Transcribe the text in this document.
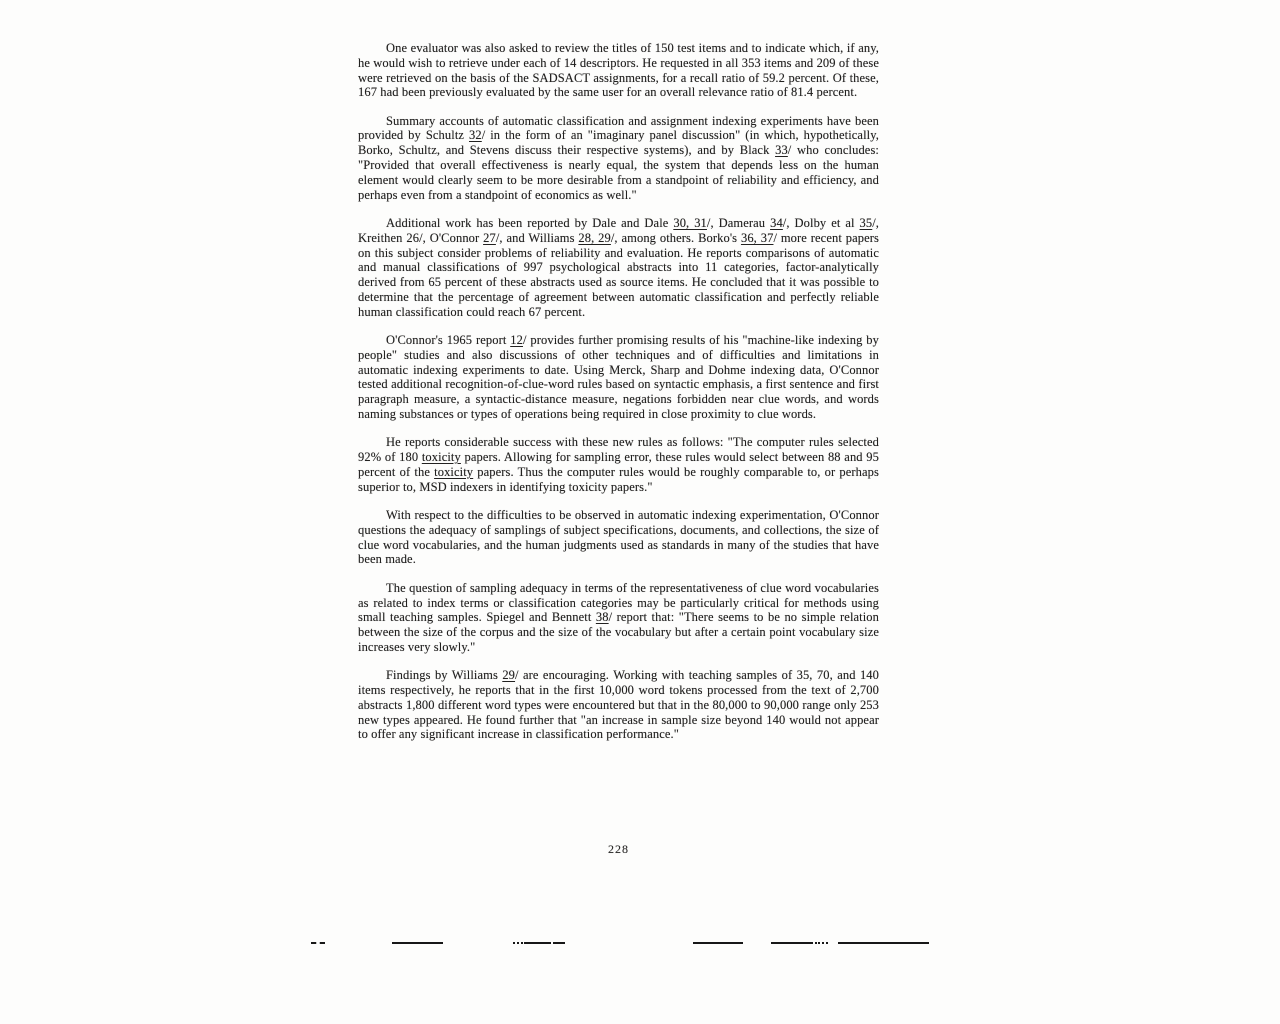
One evaluator was also asked to review the titles of 150 test items and to indicate which, if any, he would wish to retrieve under each of 14 descriptors. He requested in all 353 items and 209 of these were retrieved on the basis of the SADSACT assignments, for a recall ratio of 59.2 percent. Of these, 167 had been previously evaluated by the same user for an overall relevance ratio of 81.4 percent.

Summary accounts of automatic classification and assignment indexing experiments have been provided by Schultz 32/ in the form of an "imaginary panel discussion" (in which, hypothetically, Borko, Schultz, and Stevens discuss their respective systems), and by Black 33/ who concludes: "Provided that overall effectiveness is nearly equal, the system that depends less on the human element would clearly seem to be more desirable from a standpoint of reliability and efficiency, and perhaps even from a standpoint of economics as well."

Additional work has been reported by Dale and Dale 30, 31/, Damerau 34/, Dolby et al 35/, Kreithen 26/, O'Connor 27/, and Williams 28, 29/, among others. Borko's 36, 37/ more recent papers on this subject consider problems of reliability and evaluation. He reports comparisons of automatic and manual classifications of 997 psychological abstracts into 11 categories, factor-analytically derived from 65 percent of these abstracts used as source items. He concluded that it was possible to determine that the percentage of agreement between automatic classification and perfectly reliable human classification could reach 67 percent.

O'Connor's 1965 report 12/ provides further promising results of his "machine-like indexing by people" studies and also discussions of other techniques and of difficulties and limitations in automatic indexing experiments to date. Using Merck, Sharp and Dohme indexing data, O'Connor tested additional recognition-of-clue-word rules based on syntactic emphasis, a first sentence and first paragraph measure, a syntactic-distance measure, negations forbidden near clue words, and words naming substances or types of operations being required in close proximity to clue words.

He reports considerable success with these new rules as follows: "The computer rules selected 92% of 180 toxicity papers. Allowing for sampling error, these rules would select between 88 and 95 percent of the toxicity papers. Thus the computer rules would be roughly comparable to, or perhaps superior to, MSD indexers in identifying toxicity papers."

With respect to the difficulties to be observed in automatic indexing experimentation, O'Connor questions the adequacy of samplings of subject specifications, documents, and collections, the size of clue word vocabularies, and the human judgments used as standards in many of the studies that have been made.

The question of sampling adequacy in terms of the representativeness of clue word vocabularies as related to index terms or classification categories may be particularly critical for methods using small teaching samples. Spiegel and Bennett 38/ report that: "There seems to be no simple relation between the size of the corpus and the size of the vocabulary but after a certain point vocabulary size increases very slowly."

Findings by Williams 29/ are encouraging. Working with teaching samples of 35, 70, and 140 items respectively, he reports that in the first 10,000 word tokens processed from the text of 2,700 abstracts 1,800 different word types were encountered but that in the 80,000 to 90,000 range only 253 new types appeared. He found further that "an increase in sample size beyond 140 would not appear to offer any significant increase in classification performance."

228
